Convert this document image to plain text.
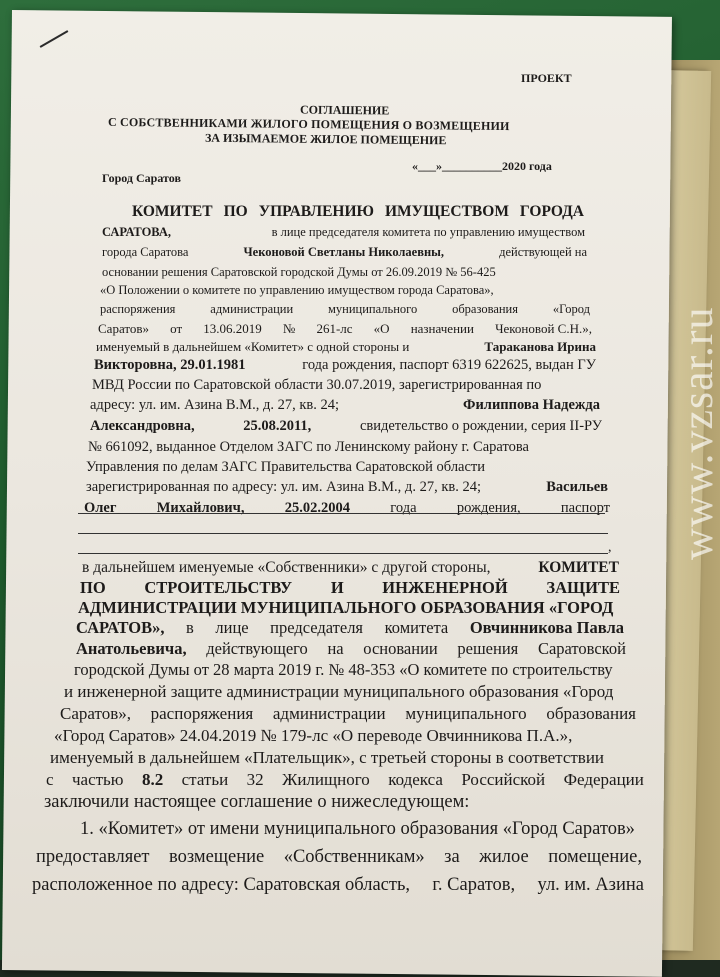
ПРОЕКТ
СОГЛАШЕНИЕ
С СОБСТВЕННИКАМИ ЖИЛОГО ПОМЕЩЕНИЯ О ВОЗМЕЩЕНИИ
ЗА ИЗЫМАЕМОЕ ЖИЛОЕ ПОМЕЩЕНИЕ
Город Саратов
«___»__________2020 года
КОМИТЕТ ПО УПРАВЛЕНИЮ ИМУЩЕСТВОМ ГОРОДА
САРАТОВА,	в лице председателя комитета по управлению имуществом
города Саратова	Чеконовой Светланы Николаевны,	действующей на
основании решения Саратовской городской Думы от 26.09.2019 № 56-425
«О Положении о комитете по управлению имуществом города Саратова»,
распоряжения	администрации	муниципального	образования	«Город
Саратов» от 13.06.2019 № 261-лс «О назначении Чеконовой С.Н.»,
именуемый в дальнейшем «Комитет» с одной стороны и	Тараканова Ирина
Викторовна, 29.01.1981	года рождения, паспорт 6319 622625, выдан ГУ
МВД России по Саратовской области 30.07.2019, зарегистрированная по
адресу: ул. им. Азина В.М., д. 27, кв. 24;	Филиппова Надежда
Александровна,	25.08.2011,	свидетельство о рождении, серия II-РУ
№ 661092, выданное Отделом ЗАГС по Ленинскому району г. Саратова
Управления по делам ЗАГС Правительства Саратовской области
зарегистрированная по адресу: ул. им. Азина В.М., д. 27, кв. 24;	Васильев
Олег	Михайлович,	25.02.2004	года	рождения,	паспорт
,
в дальнейшем именуемые «Собственники» с другой стороны,	КОМИТЕТ
ПО СТРОИТЕЛЬСТВУ И ИНЖЕНЕРНОЙ ЗАЩИТЕ
АДМИНИСТРАЦИИ МУНИЦИПАЛЬНОГО ОБРАЗОВАНИЯ «ГОРОД
САРАТОВ», в лице председателя комитета Овчинникова Павла
Анатольевича, действующего на основании решения Саратовской
городской Думы от 28 марта 2019 г. № 48-353 «О комитете по строительству
и инженерной защите администрации муниципального образования «Город
Саратов», распоряжения администрации муниципального образования
«Город Саратов» 24.04.2019 № 179-лс «О переводе Овчинникова П.А.»,
именуемый в дальнейшем «Плательщик», с третьей стороны в соответствии
с частью 8.2 статьи 32 Жилищного кодекса Российской Федерации
заключили настоящее соглашение о нижеследующем:
1. «Комитет» от имени муниципального образования «Город Саратов»
предоставляет возмещение «Собственникам» за жилое помещение,
расположенное по адресу: Саратовская область, г. Саратов, ул. им. Азина
